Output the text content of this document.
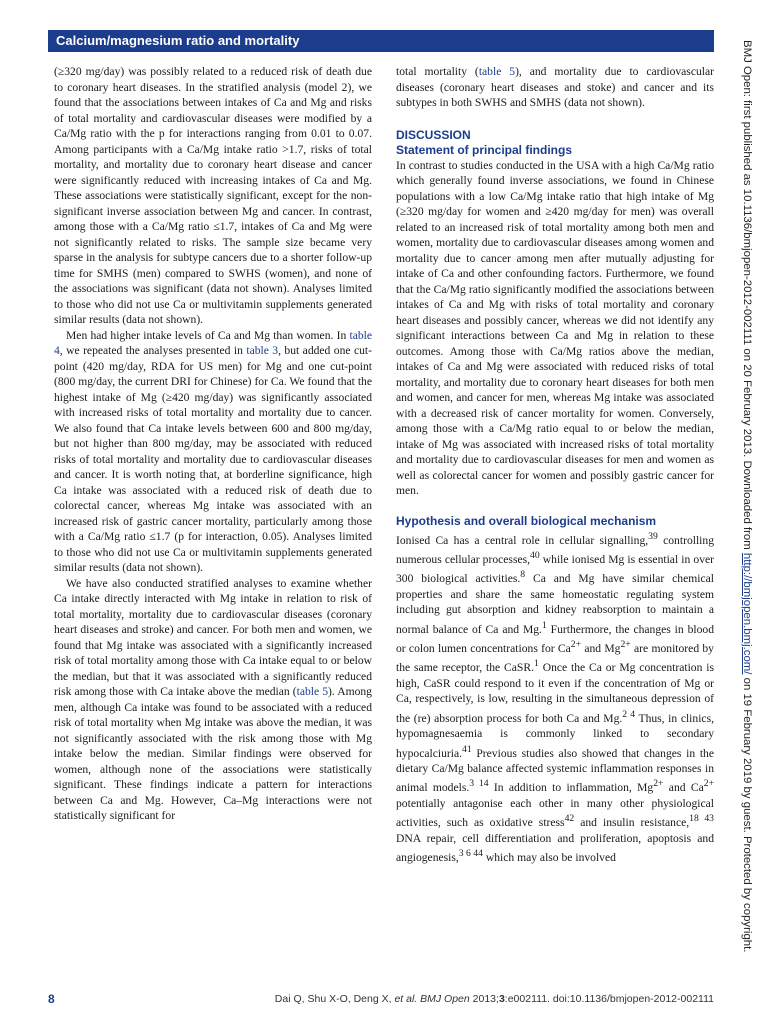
Calcium/magnesium ratio and mortality

(≥320 mg/day) was possibly related to a reduced risk of death due to coronary heart diseases. In the stratified analysis (model 2), we found that the associations between intakes of Ca and Mg and risks of total mortality and cardiovascular diseases were modified by a Ca/Mg ratio with the p for interactions ranging from 0.01 to 0.07. Among participants with a Ca/Mg intake ratio >1.7, risks of total mortality, and mortality due to coronary heart disease and cancer were significantly reduced with increasing intakes of Ca and Mg. These associations were statistically significant, except for the non-significant inverse association between Mg and cancer. In contrast, among those with a Ca/Mg ratio ≤1.7, intakes of Ca and Mg were not significantly related to risks. The sample size became very sparse in the analysis for subtype cancers due to a shorter follow-up time for SMHS (men) compared to SWHS (women), and none of the associations was significant (data not shown). Analyses limited to those who did not use Ca or multivitamin supplements generated similar results (data not shown).

Men had higher intake levels of Ca and Mg than women. In table 4, we repeated the analyses presented in table 3, but added one cut-point (420 mg/day, RDA for US men) for Mg and one cut-point (800 mg/day, the current DRI for Chinese) for Ca. We found that the highest intake of Mg (≥420 mg/day) was significantly associated with increased risks of total mortality and mortality due to cancer. We also found that Ca intake levels between 600 and 800 mg/day, but not higher than 800 mg/day, may be associated with reduced risks of total mortality and mortality due to cardiovascular diseases and cancer. It is worth noting that, at borderline significance, high Ca intake was associated with a reduced risk of death due to colorectal cancer, whereas Mg intake was associated with an increased risk of gastric cancer mortality, particularly among those with a Ca/Mg ratio ≤1.7 (p for interaction, 0.05). Analyses limited to those who did not use Ca or multivitamin supplements generated similar results (data not shown).

We have also conducted stratified analyses to examine whether Ca intake directly interacted with Mg intake in relation to risk of total mortality, mortality due to cardiovascular diseases (coronary heart diseases and stroke) and cancer. For both men and women, we found that Mg intake was associated with a significantly increased risk of total mortality among those with Ca intake equal to or below the median, but that it was associated with a significantly reduced risk among those with Ca intake above the median (table 5). Among men, although Ca intake was found to be associated with a reduced risk of total mortality when Mg intake was above the median, it was not significantly associated with the risk among those with Mg intake below the median. Similar findings were observed for women, although none of the associations were statistically significant. These findings indicate a pattern for interactions between Ca and Mg. However, Ca–Mg interactions were not statistically significant for

total mortality (table 5), and mortality due to cardiovascular diseases (coronary heart diseases and stoke) and cancer and its subtypes in both SWHS and SMHS (data not shown).

DISCUSSION
Statement of principal findings

In contrast to studies conducted in the USA with a high Ca/Mg ratio which generally found inverse associations, we found in Chinese populations with a low Ca/Mg intake ratio that high intake of Mg (≥320 mg/day for women and ≥420 mg/day for men) was overall related to an increased risk of total mortality among both men and women, mortality due to cardiovascular diseases among women and mortality due to cancer among men after mutually adjusting for intake of Ca and other confounding factors. Furthermore, we found that the Ca/Mg ratio significantly modified the associations between intakes of Ca and Mg with risks of total mortality and coronary heart diseases and possibly cancer, whereas we did not identify any significant interactions between Ca and Mg in relation to these outcomes. Among those with Ca/Mg ratios above the median, intakes of Ca and Mg were associated with reduced risks of total mortality, and mortality due to coronary heart diseases for both men and women, and cancer for men, whereas Mg intake was associated with a decreased risk of cancer mortality for women. Conversely, among those with a Ca/Mg ratio equal to or below the median, intake of Mg was associated with increased risks of total mortality and mortality due to cardiovascular diseases for men and women as well as colorectal cancer for women and possibly gastric cancer for men.

Hypothesis and overall biological mechanism

Ionised Ca has a central role in cellular signalling,$^{39}$ controlling numerous cellular processes,$^{40}$ while ionised Mg is essential in over 300 biological activities.$^8$ Ca and Mg have similar chemical properties and share the same homeostatic regulating system including gut absorption and kidney reabsorption to maintain a normal balance of Ca and Mg.$^1$ Furthermore, the changes in blood or colon lumen concentrations for $Ca^{2+}$ and $Mg^{2+}$ are monitored by the same receptor, the CaSR.$^1$ Once the Ca or Mg concentration is high, CaSR could respond to it even if the concentration of Mg or Ca, respectively, is low, resulting in the simultaneous depression of the (re) absorption process for both Ca and Mg.$^{2 4}$ Thus, in clinics, hypomagnesaemia is commonly linked to secondary hypocalciuria.$^{41}$ Previous studies also showed that changes in the dietary Ca/Mg balance affected systemic inflammation responses in animal models.$^{3 14}$ In addition to inflammation, $Mg^{2+}$ and $Ca^{2+}$ potentially antagonise each other in many other physiological activities, such as oxidative stress$^{42}$ and insulin resistance,$^{18 43}$ DNA repair, cell differentiation and proliferation, apoptosis and angiogenesis,$^{3 6 44}$ which may also be involved

BMJ Open: first published as 10.1136/bmjopen-2012-002111 on 20 February 2013. Downloaded from http://bmjopen.bmj.com/ on 19 February 2019 by guest. Protected by copyright.
8	Dai Q, Shu X-O, Deng X, et al. BMJ Open 2013;3:e002111. doi:10.1136/bmjopen-2012-002111
